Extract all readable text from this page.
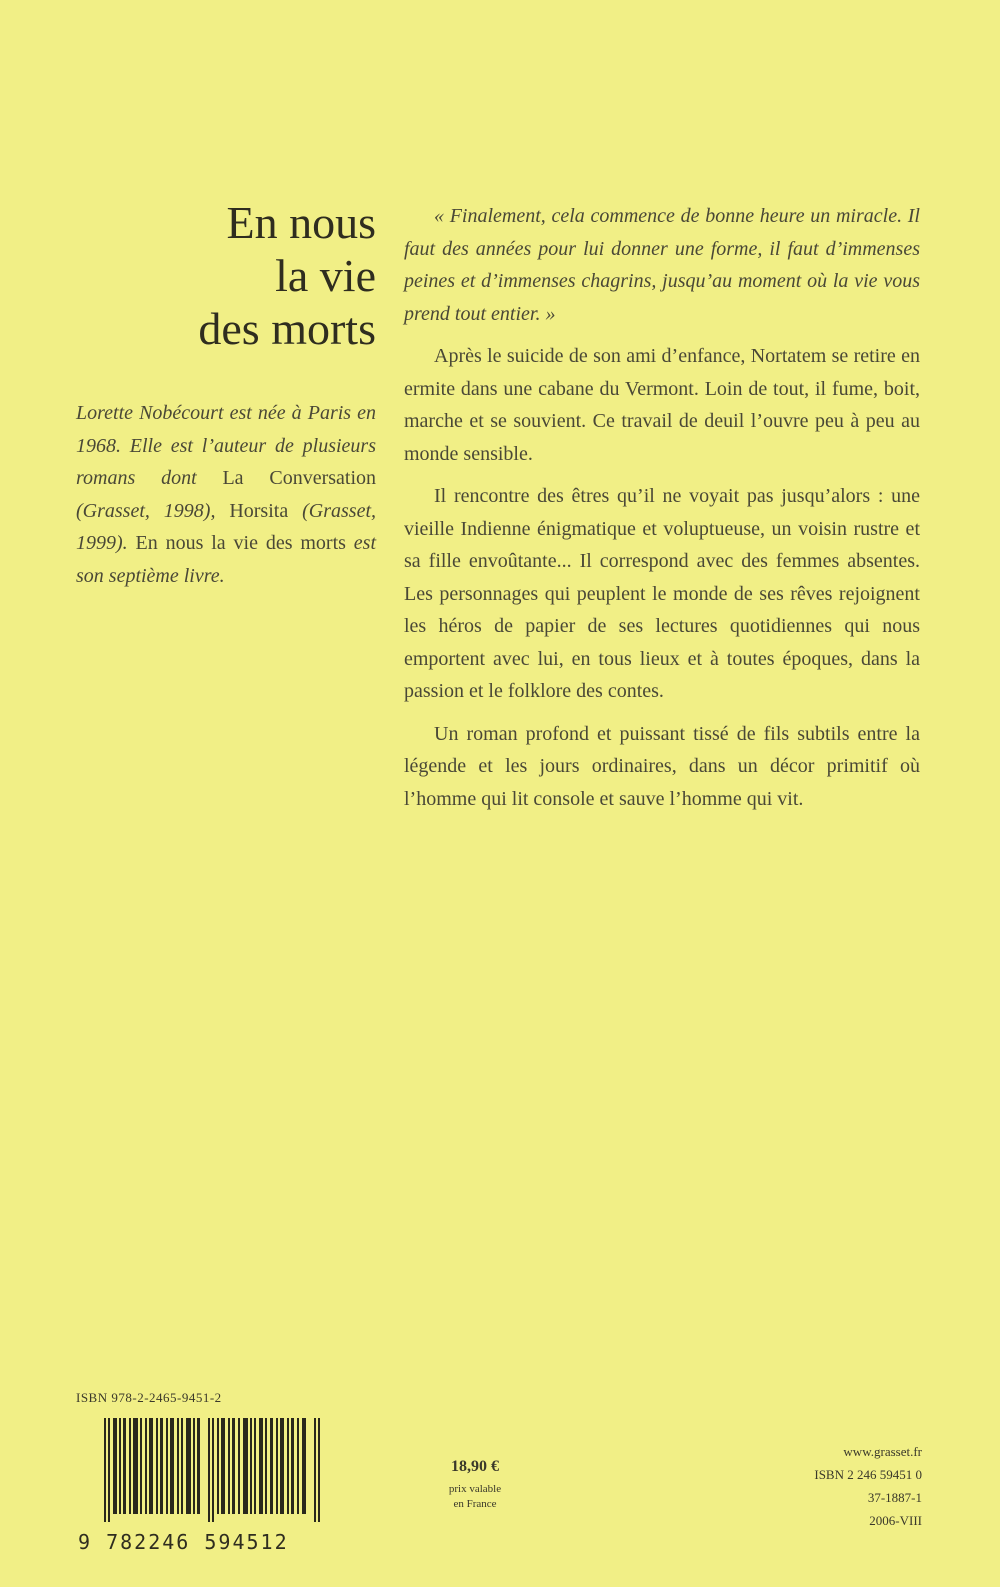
En nous
la vie
des morts
Lorette Nobécourt est née à Paris en 1968. Elle est l’auteur de plusieurs romans dont La Conversation (Grasset, 1998), Horsita (Grasset, 1999). En nous la vie des morts est son septième livre.

« Finalement, cela commence de bonne heure un miracle. Il faut des années pour lui donner une forme, il faut d’immenses peines et d’immenses chagrins, jusqu’au moment où la vie vous prend tout entier. »

Après le suicide de son ami d’enfance, Nortatem se retire en ermite dans une cabane du Vermont. Loin de tout, il fume, boit, marche et se souvient. Ce travail de deuil l’ouvre peu à peu au monde sensible.

Il rencontre des êtres qu’il ne voyait pas jusqu’alors : une vieille Indienne énigmatique et voluptueuse, un voisin rustre et sa fille envoûtante... Il correspond avec des femmes absentes. Les personnages qui peuplent le monde de ses rêves rejoignent les héros de papier de ses lectures quotidiennes qui nous emportent avec lui, en tous lieux et à toutes époques, dans la passion et le folklore des contes.

Un roman profond et puissant tissé de fils subtils entre la légende et les jours ordinaires, dans un décor primitif où l’homme qui lit console et sauve l’homme qui vit.

ISBN 978-2-2465-9451-2
9 782246 594512
18,90 €
prix valable
en France
www.grasset.fr
ISBN 2 246 59451 0
37-1887-1
2006-VIII
